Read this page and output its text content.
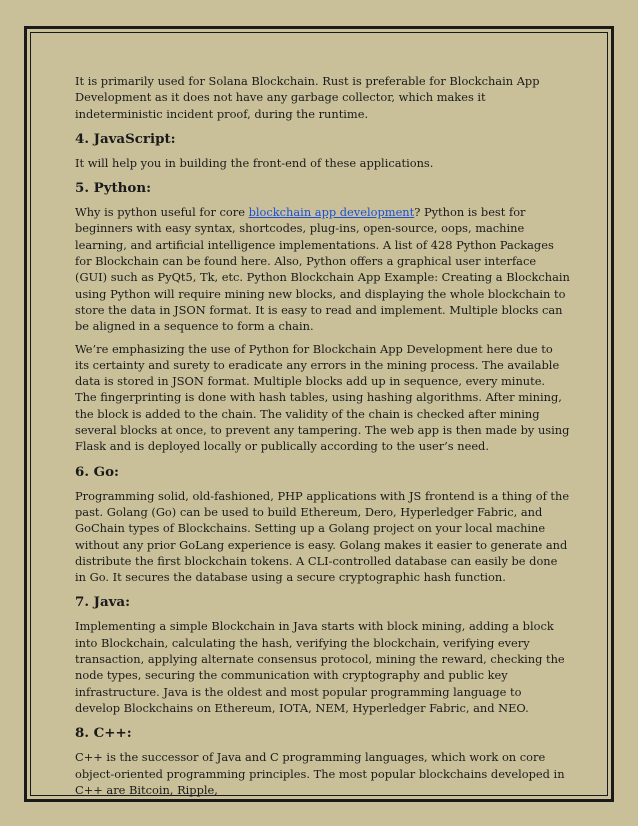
It is primarily used for Solana Blockchain. Rust is preferable for Blockchain App Development as it does not have any garbage collector, which makes it indeterministic incident proof, during the runtime.

4. JavaScript:

It will help you in building the front-end of these applications.

5. Python:

Why is python useful for core blockchain app development? Python is best for beginners with easy syntax, shortcodes, plug-ins, open-source, oops, machine learning, and artificial intelligence implementations. A list of 428 Python Packages for Blockchain can be found here. Also, Python offers a graphical user interface (GUI) such as PyQt5, Tk, etc. Python Blockchain App Example: Creating a Blockchain using Python will require mining new blocks, and displaying the whole blockchain to store the data in JSON format. It is easy to read and implement. Multiple blocks can be aligned in a sequence to form a chain.

We’re emphasizing the use of Python for Blockchain App Development here due to its certainty and surety to eradicate any errors in the mining process. The available data is stored in JSON format. Multiple blocks add up in sequence, every minute. The fingerprinting is done with hash tables, using hashing algorithms. After mining, the block is added to the chain. The validity of the chain is checked after mining several blocks at once, to prevent any tampering. The web app is then made by using Flask and is deployed locally or publically according to the user’s need.

6. Go:

Programming solid, old-fashioned, PHP applications with JS frontend is a thing of the past. Golang (Go) can be used to build Ethereum, Dero, Hyperledger Fabric, and GoChain types of Blockchains. Setting up a Golang project on your local machine without any prior GoLang experience is easy. Golang makes it easier to generate and distribute the first blockchain tokens. A CLI-controlled database can easily be done in Go. It secures the database using a secure cryptographic hash function.

7. Java:

Implementing a simple Blockchain in Java starts with block mining, adding a block into Blockchain, calculating the hash, verifying the blockchain, verifying every transaction, applying alternate consensus protocol, mining the reward, checking the node types, securing the communication with cryptography and public key infrastructure. Java is the oldest and most popular programming language to develop Blockchains on Ethereum, IOTA, NEM, Hyperledger Fabric, and NEO.

8. C++:

C++ is the successor of Java and C programming languages, which work on core object-oriented programming principles. The most popular blockchains developed in C++ are Bitcoin, Ripple,
